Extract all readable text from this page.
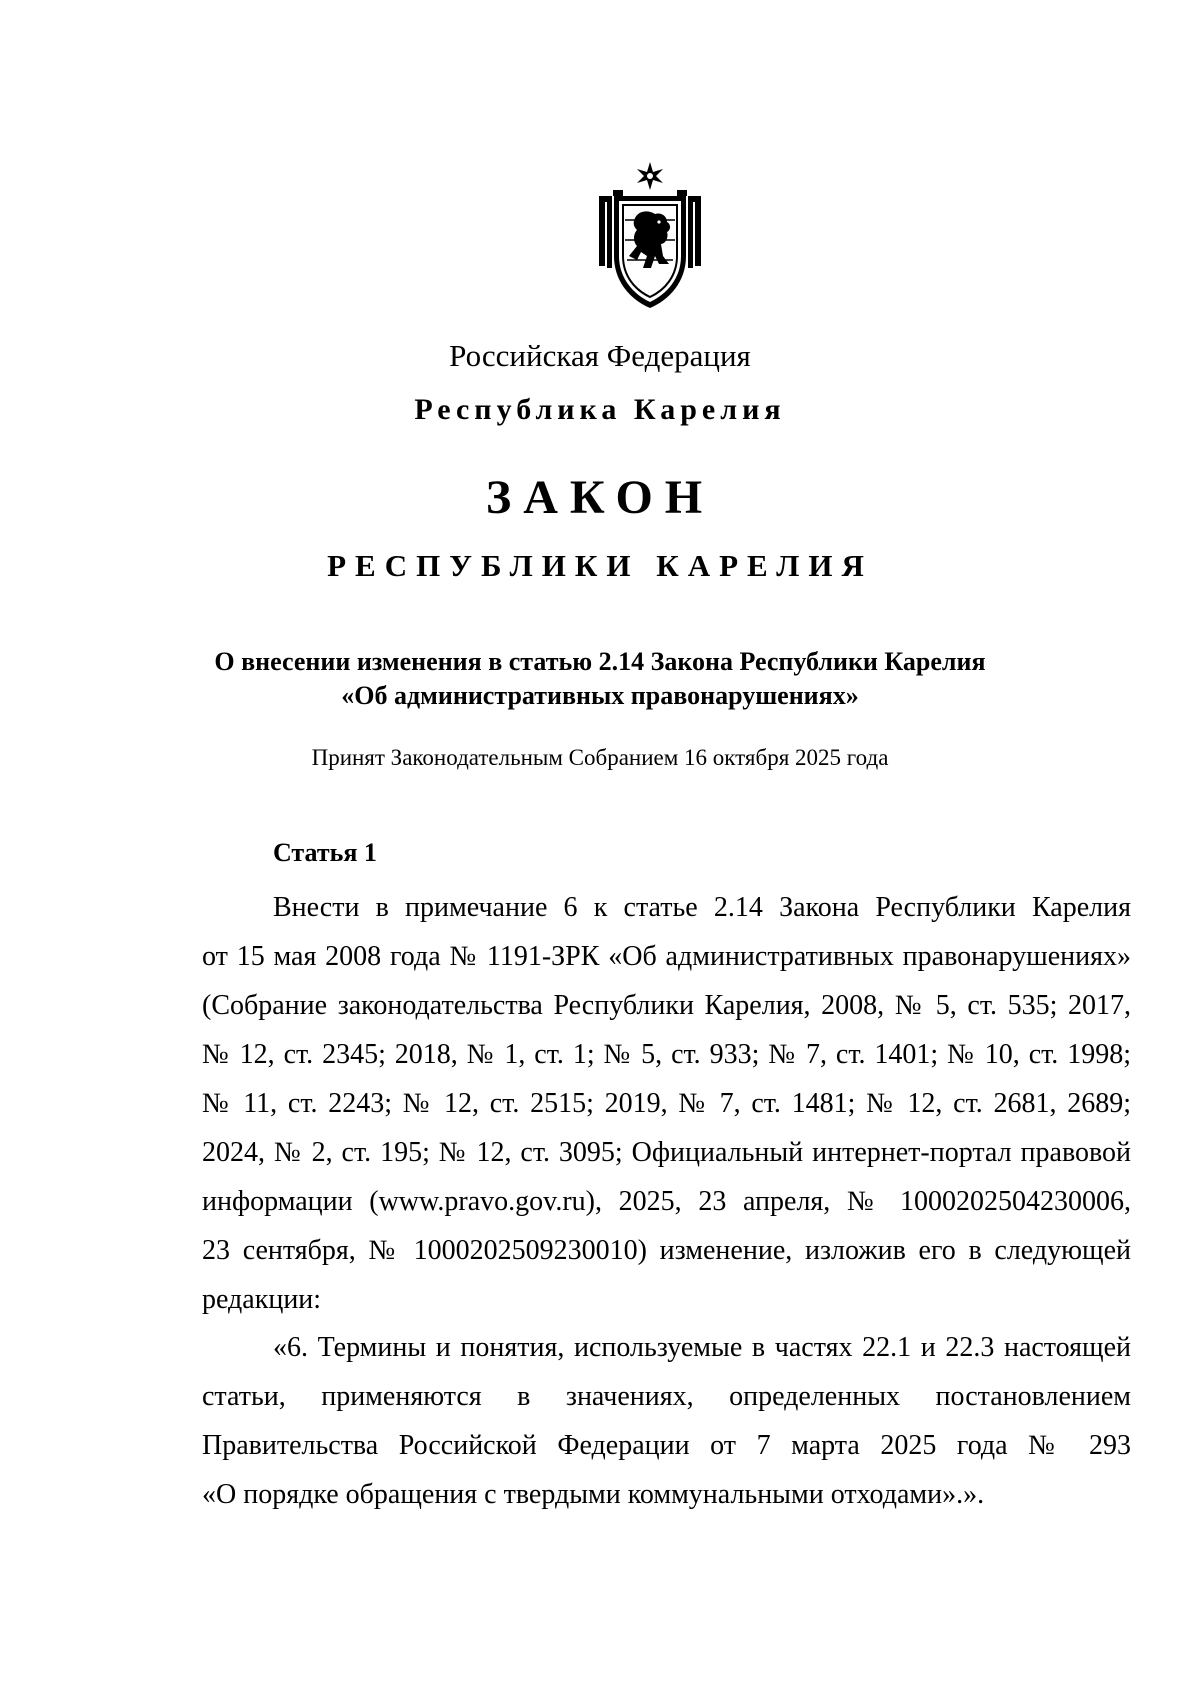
Российская Федерация
Республика Карелия
ЗАКОН
РЕСПУБЛИКИ КАРЕЛИЯ
О внесении изменения в статью 2.14 Закона Республики Карелия
«Об административных правонарушениях»
Принят Законодательным Собранием 16 октября 2025 года
Статья 1
Внести в примечание 6 к статье 2.14 Закона Республики Карелия
от 15 мая 2008 года № 1191-ЗРК «Об административных правонарушениях»
(Собрание законодательства Республики Карелия, 2008, № 5, ст. 535; 2017,
№ 12, ст. 2345; 2018, № 1, ст. 1; № 5, ст. 933; № 7, ст. 1401; № 10, ст. 1998;
№ 11, ст. 2243; № 12, ст. 2515; 2019, № 7, ст. 1481; № 12, ст. 2681, 2689;
2024, № 2, ст. 195; № 12, ст. 3095; Официальный интернет-портал правовой
информации (www.pravo.gov.ru), 2025, 23 апреля, № 1000202504230006,
23 сентября, № 1000202509230010) изменение, изложив его в следующей
редакции:
«6. Термины и понятия, используемые в частях 22.1 и 22.3 настоящей
статьи, применяются в значениях, определенных постановлением
Правительства Российской Федерации от 7 марта 2025 года № 293
«О порядке обращения с твердыми коммунальными отходами».».
